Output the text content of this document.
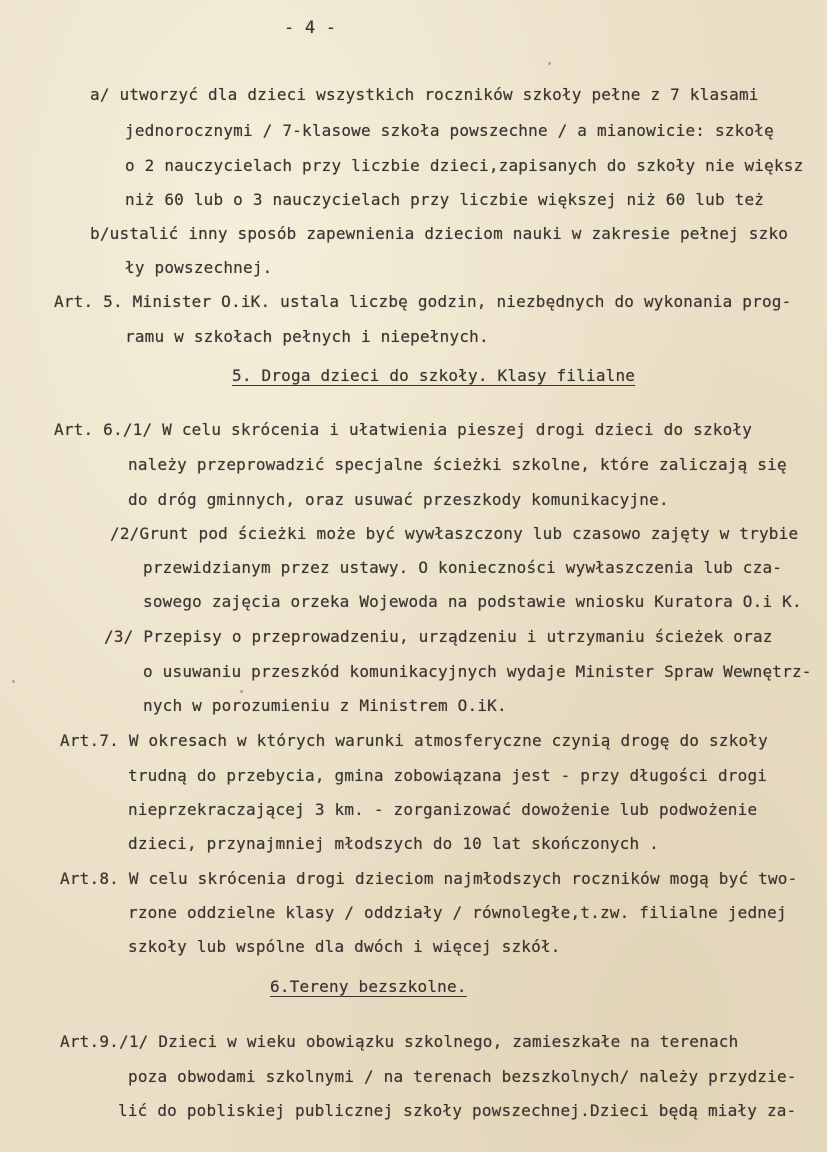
- 4 -
a/ utworzyć dla dzieci wszystkich roczników szkoły pełne z 7 klasami
jednorocznymi / 7-klasowe szkoła powszechne / a mianowicie: szkołę
o 2 nauczycielach przy liczbie dzieci,zapisanych do szkoły nie większ
niż 60 lub o 3 nauczycielach przy liczbie większej niż 60 lub też
b/ustalić inny sposób zapewnienia dzieciom nauki w zakresie pełnej szko
ły powszechnej.
Art. 5. Minister O.iK. ustala liczbę godzin, niezbędnych do wykonania prog-
ramu w szkołach pełnych i niepełnych.
5. Droga dzieci do szkoły. Klasy filialne
Art. 6./1/ W celu skrócenia i ułatwienia pieszej drogi dzieci do szkoły
należy przeprowadzić specjalne ścieżki szkolne, które zaliczają się
do dróg gminnych, oraz usuwać przeszkody komunikacyjne.
/2/Grunt pod ścieżki może być wywłaszczony lub czasowo zajęty w trybie
przewidzianym przez ustawy. O konieczności wywłaszczenia lub cza-
sowego zajęcia orzeka Wojewoda na podstawie wniosku Kuratora O.i K.
/3/ Przepisy o przeprowadzeniu, urządzeniu i utrzymaniu ścieżek oraz
o usuwaniu przeszkód komunikacyjnych wydaje Minister Spraw Wewnętrz-
nych w porozumieniu z Ministrem O.iK.
Art.7. W okresach w których warunki atmosferyczne czynią drogę do szkoły
trudną do przebycia, gmina zobowiązana jest - przy długości drogi
nieprzekraczającej 3 km. - zorganizować dowożenie lub podwożenie
dzieci, przynajmniej młodszych do 10 lat skończonych .
Art.8. W celu skrócenia drogi dzieciom najmłodszych roczników mogą być two-
rzone oddzielne klasy / oddziały / równoległe,t.zw. filialne jednej
szkoły lub wspólne dla dwóch i więcej szkół.
6.Tereny bezszkolne.
Art.9./1/ Dzieci w wieku obowiązku szkolnego, zamieszkałe na terenach
poza obwodami szkolnymi / na terenach bezszkolnych/ należy przydzie-
lić do pobliskiej publicznej szkoły powszechnej.Dzieci będą miały za-
